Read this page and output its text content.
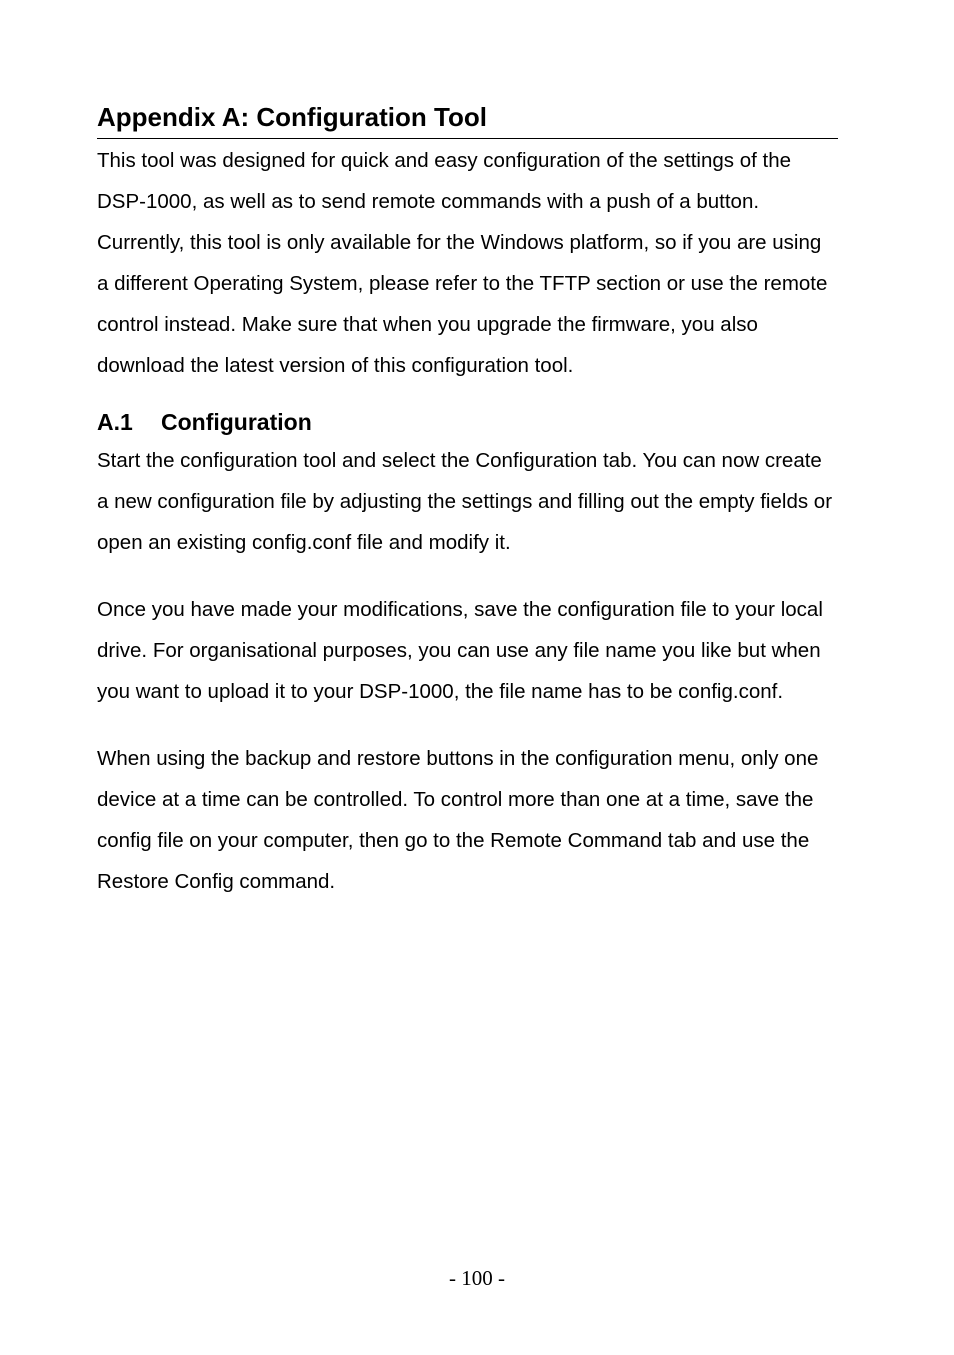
Appendix A: Configuration Tool

This tool was designed for quick and easy configuration of the settings of the DSP-1000, as well as to send remote commands with a push of a button. Currently, this tool is only available for the Windows platform, so if you are using a different Operating System, please refer to the TFTP section or use the remote control instead. Make sure that when you upgrade the firmware, you also download the latest version of this configuration tool.

A.1 Configuration

Start the configuration tool and select the Configuration tab. You can now create a new configuration file by adjusting the settings and filling out the empty fields or open an existing config.conf file and modify it.

Once you have made your modifications, save the configuration file to your local drive. For organisational purposes, you can use any file name you like but when you want to upload it to your DSP-1000, the file name has to be config.conf.

When using the backup and restore buttons in the configuration menu, only one device at a time can be controlled. To control more than one at a time, save the config file on your computer, then go to the Remote Command tab and use the Restore Config command.

- 100 -
